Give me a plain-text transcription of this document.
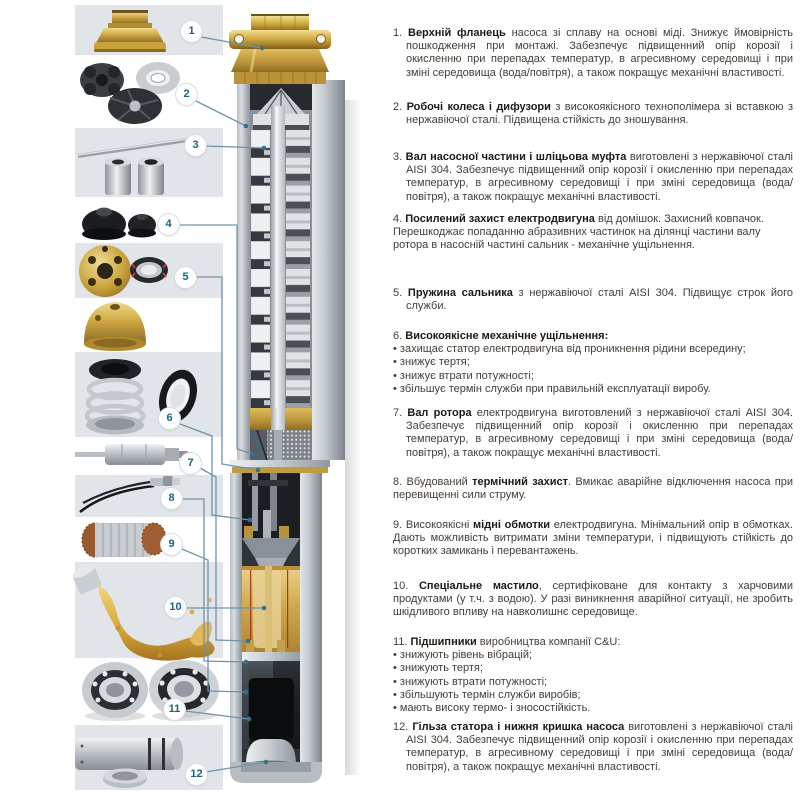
1
2
3
4
5
6
7
8
9
10
11
12
1. Верхній фланець насоса зі сплаву на основі міді. Знижує ймовірність пошкодження при монтажі. Забезпечує підвищенний опір корозії і окисленню при перепадах температур, в агресивному середовищі і при зміні середовища (вода/повітря), а також покращує механічні властивості.
2. Робочі колеса і дифузори з високоякісного технополімера зі вставкою з нержавіючої сталі. Підвищена стійкість до зношування.
3. Вал насосної частини і шліцьова муфта виготовлені з нержавіючої сталі AISI 304. Забезпечує підвищенний опір корозії і окисленню при перепадах температур, в агресивному середовищі і при зміні середовища (вода/повітря), а також покращує механічні властивості.
4. Посилений захист електродвигуна від домішок. Захисний ковпачок. Перешкоджає попаданню абразивних частинок на ділянці частини валу ротора в насосній частині сальник - механічне ущільнення.
5. Пружина сальника з нержавіючої сталі AISI 304. Підвищує строк його служби.
6. Високоякісне механічне ущільнення:
• захищає статор електродвигуна від проникнення рідини всередину;
• знижує тертя;
• знижує втрати потужності;
• збільшує термін служби при правильній експлуатації виробу.
7. Вал ротора електродвигуна виготовлений з нержавіючої сталі AISI 304. Забезпечує підвищенний опір корозії і окисленню при перепадах температур, в агресивному середовищі і при зміні середовища (вода/повітря), а також покращує механічні властивості.
8. Вбудований термічний захист. Вмикає аварійне відключення насоса при перевищенні сили струму.
9. Високоякісні мідні обмотки електродвигуна. Мінімальний опір в обмотках. Дають можливість витримати зміни температури, і підвищують стійкість до коротких замикань і перевантажень.
10. Спеціальне мастило, сертифіковане для контакту з харчовими продуктами (у т.ч. з водою). У разі виникнення аварійної ситуації, не зробить шкідливого впливу на навколишнє середовище.
11. Підшипники виробництва компанії C&U:
• знижують рівень вібрацій;
• знижують тертя;
• знижують втрати потужності;
• збільшують термін служби виробів;
• мають високу термо- і зносостійкість.
12. Гільза статора і нижня кришка насоса виготовлені з нержавіючої сталі AISI 304. Забезпечує підвищенний опір корозії і окисленню при перепадах температур, в агресивному середовищі і при зміні середовища (вода/повітря), а також покращує механічні властивості.
